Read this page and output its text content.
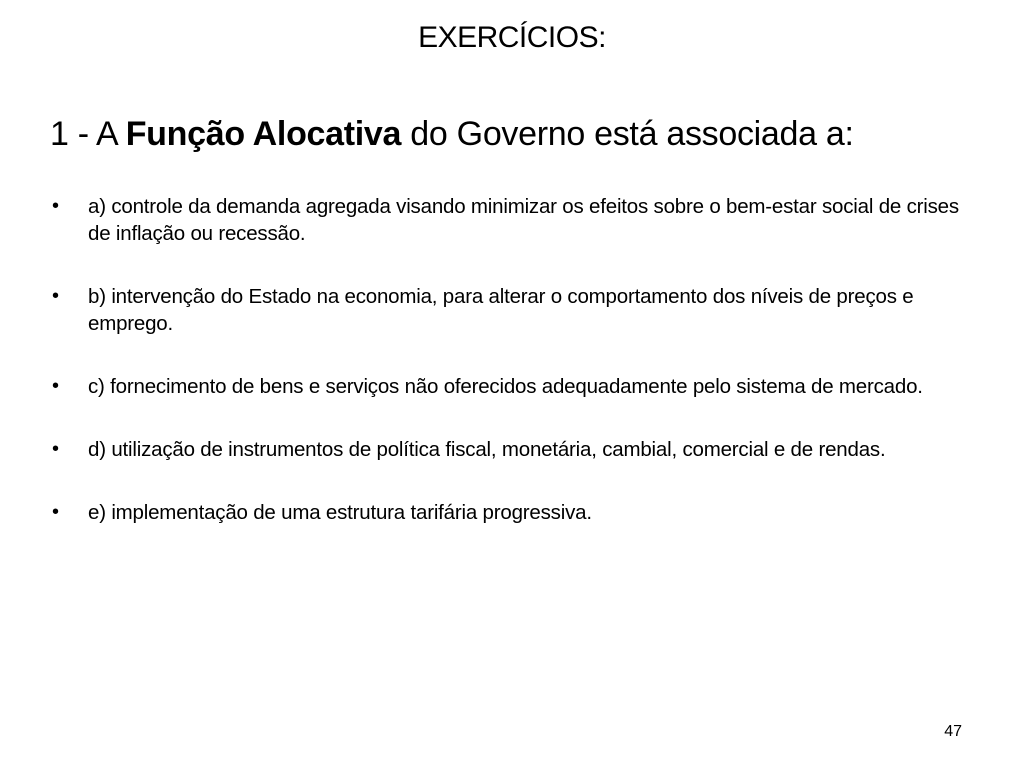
EXERCÍCIOS:
1 - A Função Alocativa do Governo está associada a:
• a) controle da demanda agregada visando minimizar os efeitos sobre o bem-estar social de crises de inflação ou recessão.
• b) intervenção do Estado na economia, para alterar o comportamento dos níveis de preços e emprego.
• c) fornecimento de bens e serviços não oferecidos adequadamente pelo sistema de mercado.
• d) utilização de instrumentos de política fiscal, monetária, cambial, comercial e de rendas.
• e) implementação de uma estrutura tarifária progressiva.
47
